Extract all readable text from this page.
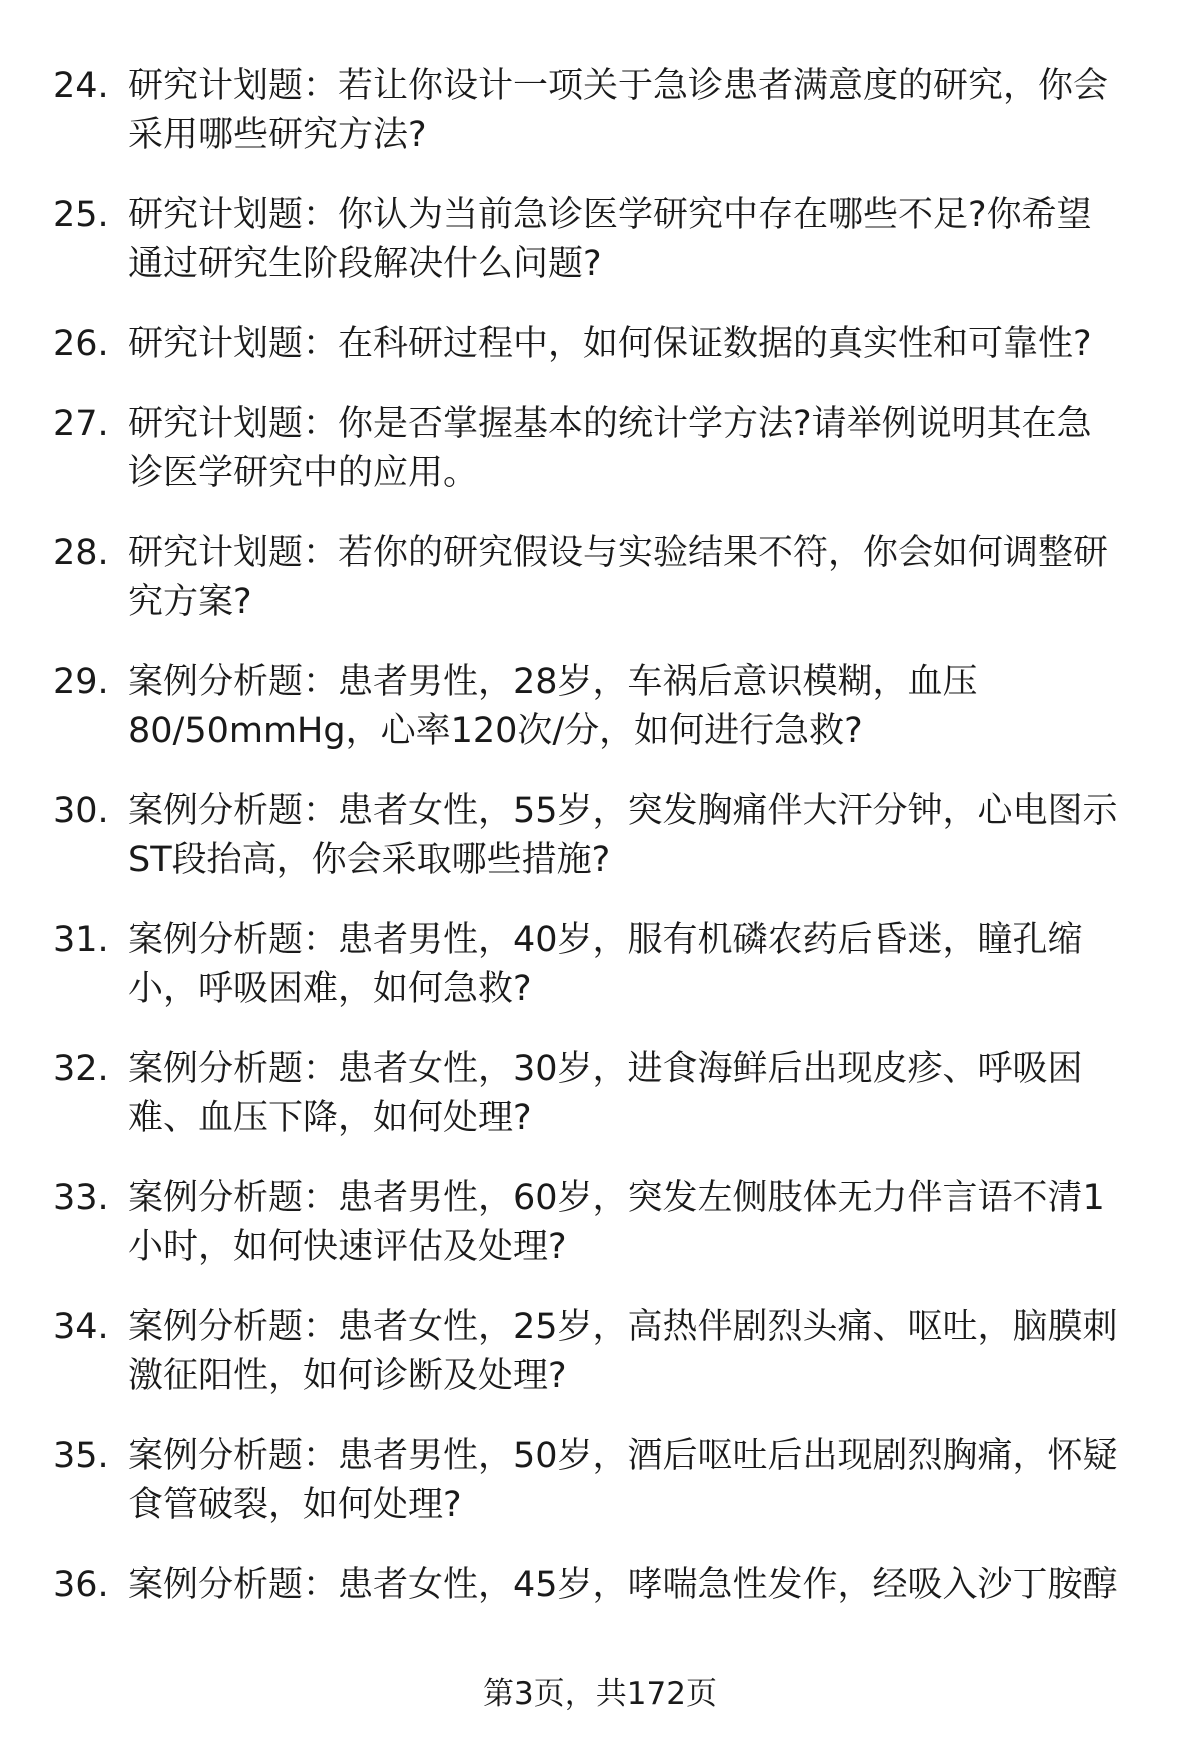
24. 研究计划题：若让你设计一项关于急诊患者满意度的研究，你会
采用哪些研究方法?
25. 研究计划题：你认为当前急诊医学研究中存在哪些不足?你希望
通过研究生阶段解决什么问题?
26. 研究计划题：在科研过程中，如何保证数据的真实性和可靠性?
27. 研究计划题：你是否掌握基本的统计学方法?请举例说明其在急
诊医学研究中的应用。
28. 研究计划题：若你的研究假设与实验结果不符，你会如何调整研
究方案?
29. 案例分析题：患者男性，28岁，车祸后意识模糊，血压
80/50mmHg，心率120次/分，如何进行急救?
30. 案例分析题：患者女性，55岁，突发胸痛伴大汗分钟，心电图示
ST段抬高，你会采取哪些措施?
31. 案例分析题：患者男性，40岁，服有机磷农药后昏迷，瞳孔缩
小，呼吸困难，如何急救?
32. 案例分析题：患者女性，30岁，进食海鲜后出现皮疹、呼吸困
难、血压下降，如何处理?
33. 案例分析题：患者男性，60岁，突发左侧肢体无力伴言语不清1
小时，如何快速评估及处理?
34. 案例分析题：患者女性，25岁，高热伴剧烈头痛、呕吐，脑膜刺
激征阳性，如何诊断及处理?
35. 案例分析题：患者男性，50岁，酒后呕吐后出现剧烈胸痛，怀疑
食管破裂，如何处理?
36. 案例分析题：患者女性，45岁，哮喘急性发作，经吸入沙丁胺醇
第3页，共172页
